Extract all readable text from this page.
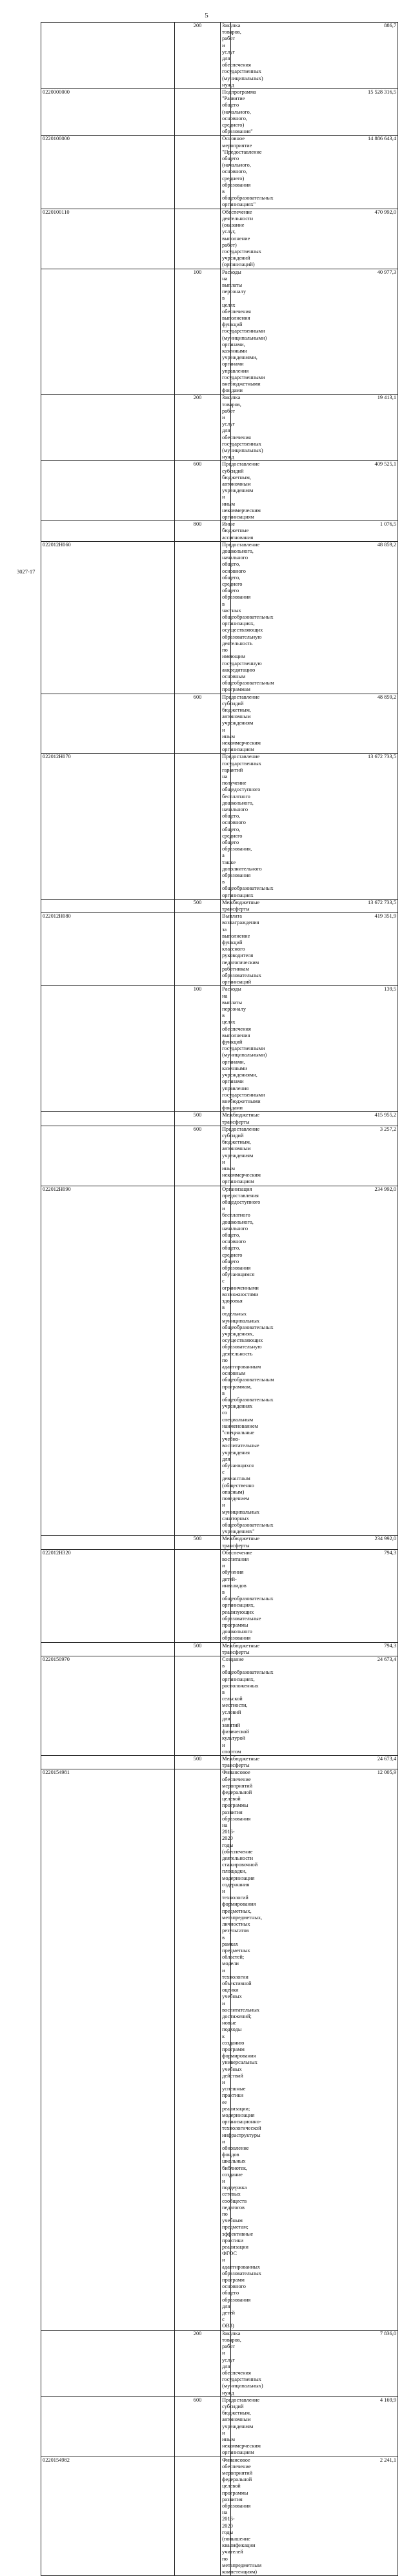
5
	200	Закупка товаров, работ и услуг для обеспечения государственных (муниципальных) нужд	886,7
0220000000		Подпрограмма "Развитие общего (начального, основного, среднего) образования"	15 528 316,5
0220100000		Основное мероприятие "Предоставление общего (начального, основного, среднего) образования в общеобразовательных организациях"	14 886 643,4
0220100110		Обеспечение деятельности (оказание услуг, выполнение работ) государственных учреждений (организаций)	470 992,0
	100	Расходы на выплаты персоналу в целях обеспечения выполнения функций государственными (муниципальными) органами, казенными учреждениями, органами управления государственными внебюджетными фондами	40 977,3
	200	Закупка товаров, работ и услуг для обеспечения государственных (муниципальных) нужд	19 413,1
	600	Предоставление субсидий бюджетным, автономным учреждениям и иным некоммерческим организациям	409 525,1
	800	Иные бюджетные ассигнования	1 076,5
022012Н060		Предоставление дошкольного, начального общего, основного общего, среднего общего образования в частных общеобразовательных организациях, осуществляющих образовательную деятельность по имеющим государственную аккредитацию основным общеобразовательным программам	48 859,2
	600	Предоставление субсидий бюджетным, автономным учреждениям и иным некоммерческим организациям	48 859,2
022012Н070		Предоставление государственных гарантий на получение общедоступного бесплатного дошкольного, начального общего, основного общего, среднего общего образования, а также дополнительного образования в общеобразовательных организациях	13 672 733,5
	500	Межбюджетные трансферты	13 672 733,5
022012Н080		Выплата вознаграждения за выполнение функций классного руководителя педагогическим работникам образовательных организаций	419 351,9
	100	Расходы на выплаты персоналу в целях обеспечения выполнения функций государственными (муниципальными) органами, казенными учреждениями, органами управления государственными внебюджетными фондами	139,5
	500	Межбюджетные трансферты	415 955,2
	600	Предоставление субсидий бюджетным, автономным учреждениям и иным некоммерческим организациям	3 257,2
022012Н090		Организация предоставления общедоступного и бесплатного дошкольного, начального общего, основного общего, среднего общего образования обучающимся с ограниченными возможностями здоровья в отдельных муниципальных общеобразовательных учреждениях, осуществляющих образовательную деятельность по адаптированным основным общеобразовательным программам, в общеобразовательных учреждениях со специальным наименованием "специальные учебно-воспитательные учреждения для обучающихся с девиантным (общественно опасным) поведением и муниципальных санаторных общеобразовательных учреждениях"	234 992,0
	500	Межбюджетные трансферты	234 992,0
022012Н320		Обеспечение воспитания и обучения детей-инвалидов в общеобразовательных организациях, реализующих образовательные программы дошкольного образования	794,3
	500	Межбюджетные трансферты	794,3
0220150970		Создание в общеобразовательных организациях, расположенных в сельской местности, условий для занятий физической культурой и спортом	24 673,4
	500	Межбюджетные трансферты	24 673,4
0220154981		Финансовое обеспечение мероприятий федеральной целевой программы развития образования на 2016-2020 годы (обеспечение деятельности стажировочной площадки, модернизация содержания и технологий формирования предметных, метапредметных, личностных результатов в рамках предметных областей; модели и технологии объективной оценки учебных и воспитательных достижений; новые подходы к созданию программ формирования универсальных учебных действий и успешные практики ее реализации; модернизация организационно-технологической инфраструктуры и обновление фондов школьных библиотек, создание и поддержка сетевых сообществ педагогов по учебным предметам; эффективные практики реализации ФГОС и адаптированных образовательных программ основного общего образования для детей с ОВЗ)	12 005,9
	200	Закупка товаров, работ и услуг для обеспечения государственных (муниципальных) нужд	7 836,0
	600	Предоставление субсидий бюджетным, автономным учреждениям и иным некоммерческим организациям	4 169,9
0220154982		Финансовое обеспечение мероприятий федеральной целевой программы развития образования на 2016-2020 годы (повышение квалификации учителей по метапредметным компетенциям)	2 241,1
3027-17
